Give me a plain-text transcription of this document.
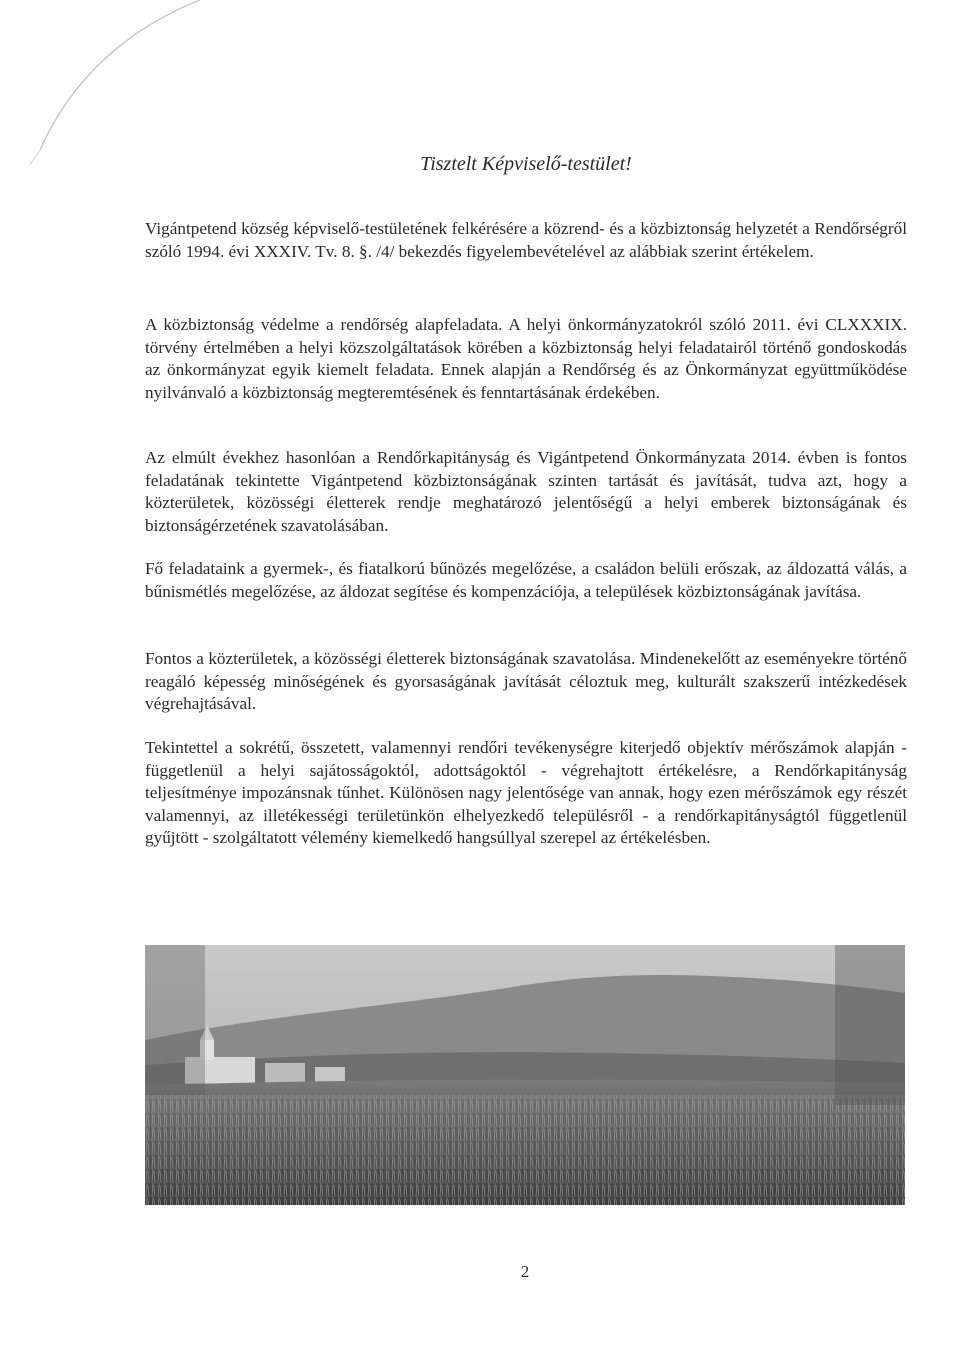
Tisztelt Képviselő-testület!

Vigántpetend község képviselő-testületének felkérésére a közrend- és a közbiztonság helyzetét a Rendőrségről szóló 1994. évi XXXIV. Tv. 8. §. /4/ bekezdés figyelembevételével az alábbiak szerint értékelem.

A közbiztonság védelme a rendőrség alapfeladata. A helyi önkormányzatokról szóló 2011. évi CLXXXIX. törvény értelmében a helyi közszolgáltatások körében a közbiztonság helyi feladatairól történő gondoskodás az önkormányzat egyik kiemelt feladata. Ennek alapján a Rendőrség és az Önkormányzat együttműködése nyilvánvaló a közbiztonság megteremtésének és fenntartásának érdekében.

Az elmúlt évekhez hasonlóan a Rendőrkapitányság és Vigántpetend Önkormányzata 2014. évben is fontos feladatának tekintette Vigántpetend közbiztonságának szinten tartását és javítását, tudva azt, hogy a közterületek, közösségi életterek rendje meghatározó jelentőségű a helyi emberek biztonságának és biztonságérzetének szavatolásában.

Fő feladataink a gyermek-, és fiatalkorú bűnözés megelőzése, a családon belüli erőszak, az áldozattá válás, a bűnismétlés megelőzése, az áldozat segítése és kompenzációja, a települések közbiztonságának javítása.

Fontos a közterületek, a közösségi életterek biztonságának szavatolása. Mindenekelőtt az eseményekre történő reagáló képesség minőségének és gyorsaságának javítását céloztuk meg, kulturált szakszerű intézkedések végrehajtásával.

Tekintettel a sokrétű, összetett, valamennyi rendőri tevékenységre kiterjedő objektív mérőszámok alapján - függetlenül a helyi sajátosságoktól, adottságoktól - végrehajtott értékelésre, a Rendőrkapitányság teljesítménye impozánsnak tűnhet. Különösen nagy jelentősége van annak, hogy ezen mérőszámok egy részét valamennyi, az illetékességi területünkön elhelyezkedő településről - a rendőrkapitányságtól függetlenül gyűjtött - szolgáltatott vélemény kiemelkedő hangsúllyal szerepel az értékelésben.

2
